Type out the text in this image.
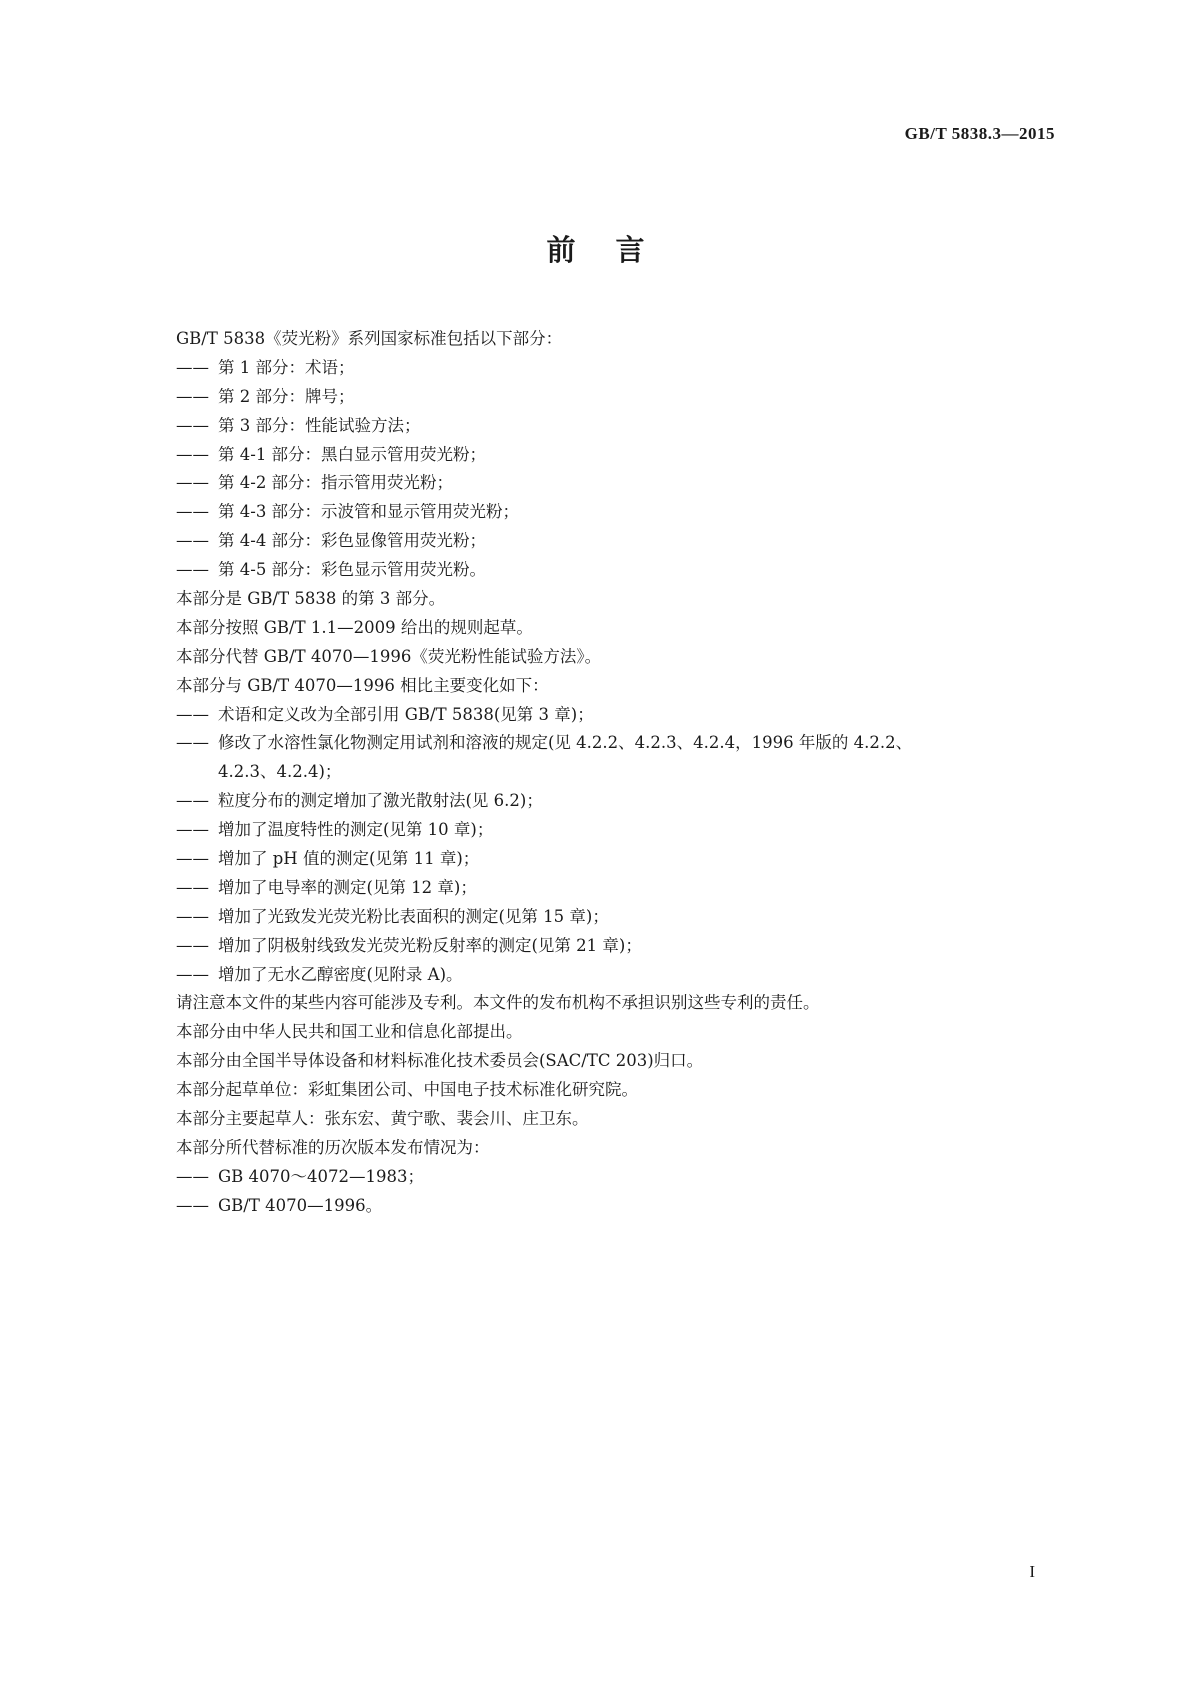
GB/T 5838.3—2015
前言
GB/T 5838《荧光粉》系列国家标准包括以下部分：
—— 第 1 部分：术语；
—— 第 2 部分：牌号；
—— 第 3 部分：性能试验方法；
—— 第 4-1 部分：黑白显示管用荧光粉；
—— 第 4-2 部分：指示管用荧光粉；
—— 第 4-3 部分：示波管和显示管用荧光粉；
—— 第 4-4 部分：彩色显像管用荧光粉；
—— 第 4-5 部分：彩色显示管用荧光粉。
本部分是 GB/T 5838 的第 3 部分。
本部分按照 GB/T 1.1—2009 给出的规则起草。
本部分代替 GB/T 4070—1996《荧光粉性能试验方法》。
本部分与 GB/T 4070—1996 相比主要变化如下：
—— 术语和定义改为全部引用 GB/T 5838(见第 3 章)；
—— 修改了水溶性氯化物测定用试剂和溶液的规定(见 4.2.2、4.2.3、4.2.4，1996 年版的 4.2.2、
4.2.3、4.2.4)；
—— 粒度分布的测定增加了激光散射法(见 6.2)；
—— 增加了温度特性的测定(见第 10 章)；
—— 增加了 pH 值的测定(见第 11 章)；
—— 增加了电导率的测定(见第 12 章)；
—— 增加了光致发光荧光粉比表面积的测定(见第 15 章)；
—— 增加了阴极射线致发光荧光粉反射率的测定(见第 21 章)；
—— 增加了无水乙醇密度(见附录 A)。
请注意本文件的某些内容可能涉及专利。本文件的发布机构不承担识别这些专利的责任。
本部分由中华人民共和国工业和信息化部提出。
本部分由全国半导体设备和材料标准化技术委员会(SAC/TC 203)归口。
本部分起草单位：彩虹集团公司、中国电子技术标准化研究院。
本部分主要起草人：张东宏、黄宁歌、裴会川、庄卫东。
本部分所代替标准的历次版本发布情况为：
—— GB 4070～4072—1983；
—— GB/T 4070—1996。
I
